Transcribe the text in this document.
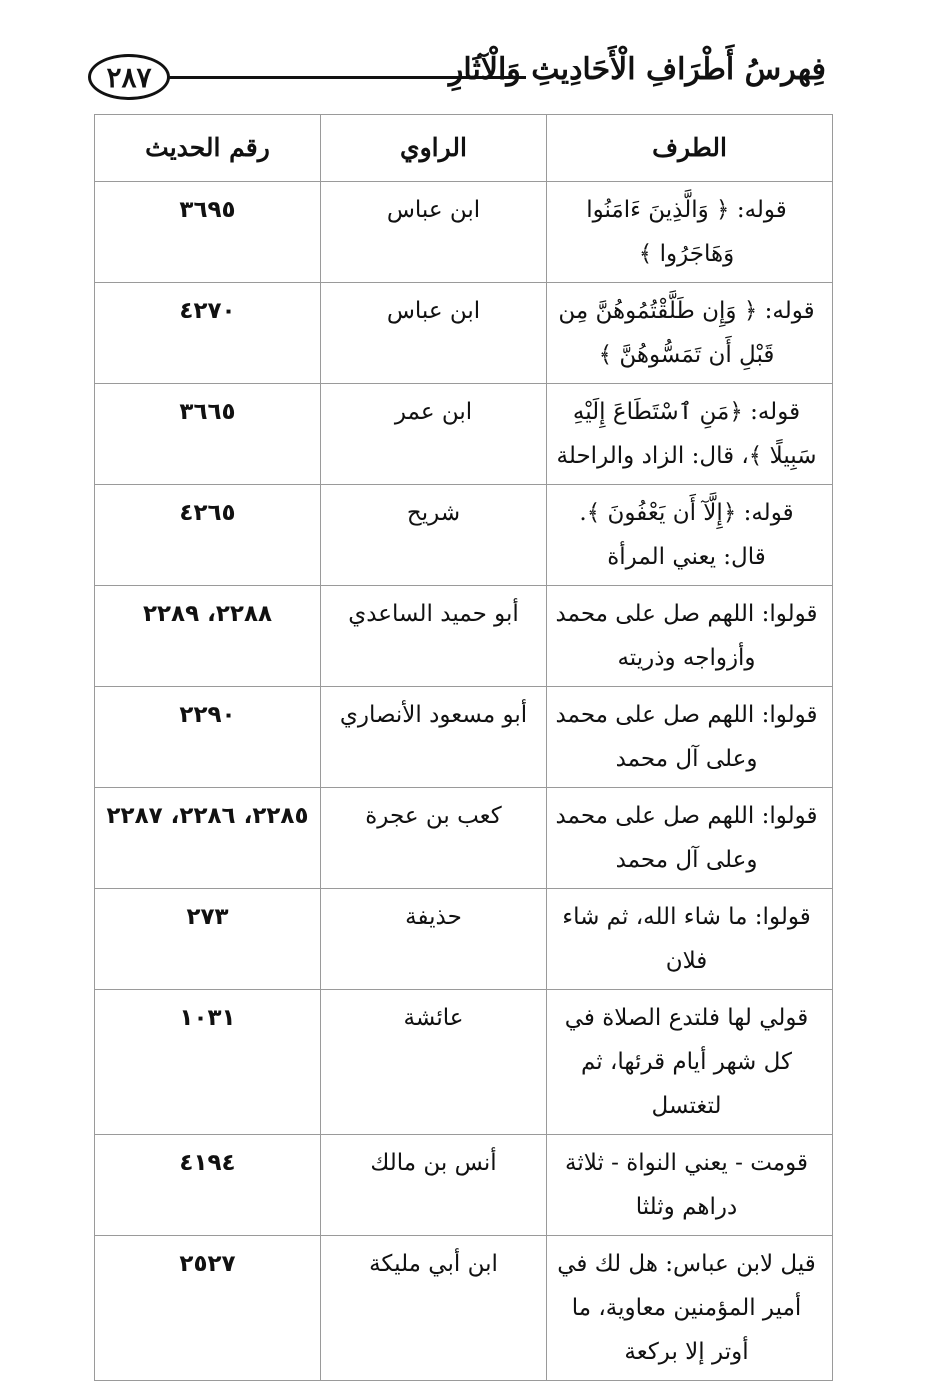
٢٨٧	فِهرسُ أَطْرَافِ الْأَحَادِيثِ وَالْآثَارِ
الطرف	الراوي	رقم الحديث
قوله: ﴿ وَالَّذِينَ ءَامَنُوا وَهَاجَرُوا ﴾	ابن عباس	٣٦٩٥
قوله: ﴿ وَإِن طَلَّقْتُمُوهُنَّ مِن قَبْلِ أَن تَمَسُّوهُنَّ ﴾	ابن عباس	٤٢٧٠
قوله: ﴿مَنِ ٱسْتَطَاعَ إِلَيْهِ سَبِيلًا ﴾، قال: الزاد والراحلة	ابن عمر	٣٦٦٥
قوله: ﴿إِلَّآ أَن يَعْفُونَ ﴾. قال: يعني المرأة	شريح	٤٢٦٥
قولوا: اللهم صل على محمد وأزواجه وذريته	أبو حميد الساعدي	٢٢٨٨، ٢٢٨٩
قولوا: اللهم صل على محمد وعلى آل محمد	أبو مسعود الأنصاري	٢٢٩٠
قولوا: اللهم صل على محمد وعلى آل محمد	كعب بن عجرة	٢٢٨٥، ٢٢٨٦، ٢٢٨٧
قولوا: ما شاء الله، ثم شاء فلان	حذيفة	٢٧٣
قولي لها فلتدع الصلاة في كل شهر أيام قرئها، ثم لتغتسل	عائشة	١٠٣١
قومت - يعني النواة - ثلاثة دراهم وثلثا	أنس بن مالك	٤١٩٤
قيل لابن عباس: هل لك في أمير المؤمنين معاوية، ما أوتر إلا بركعة	ابن أبي مليكة	٢٥٢٧
